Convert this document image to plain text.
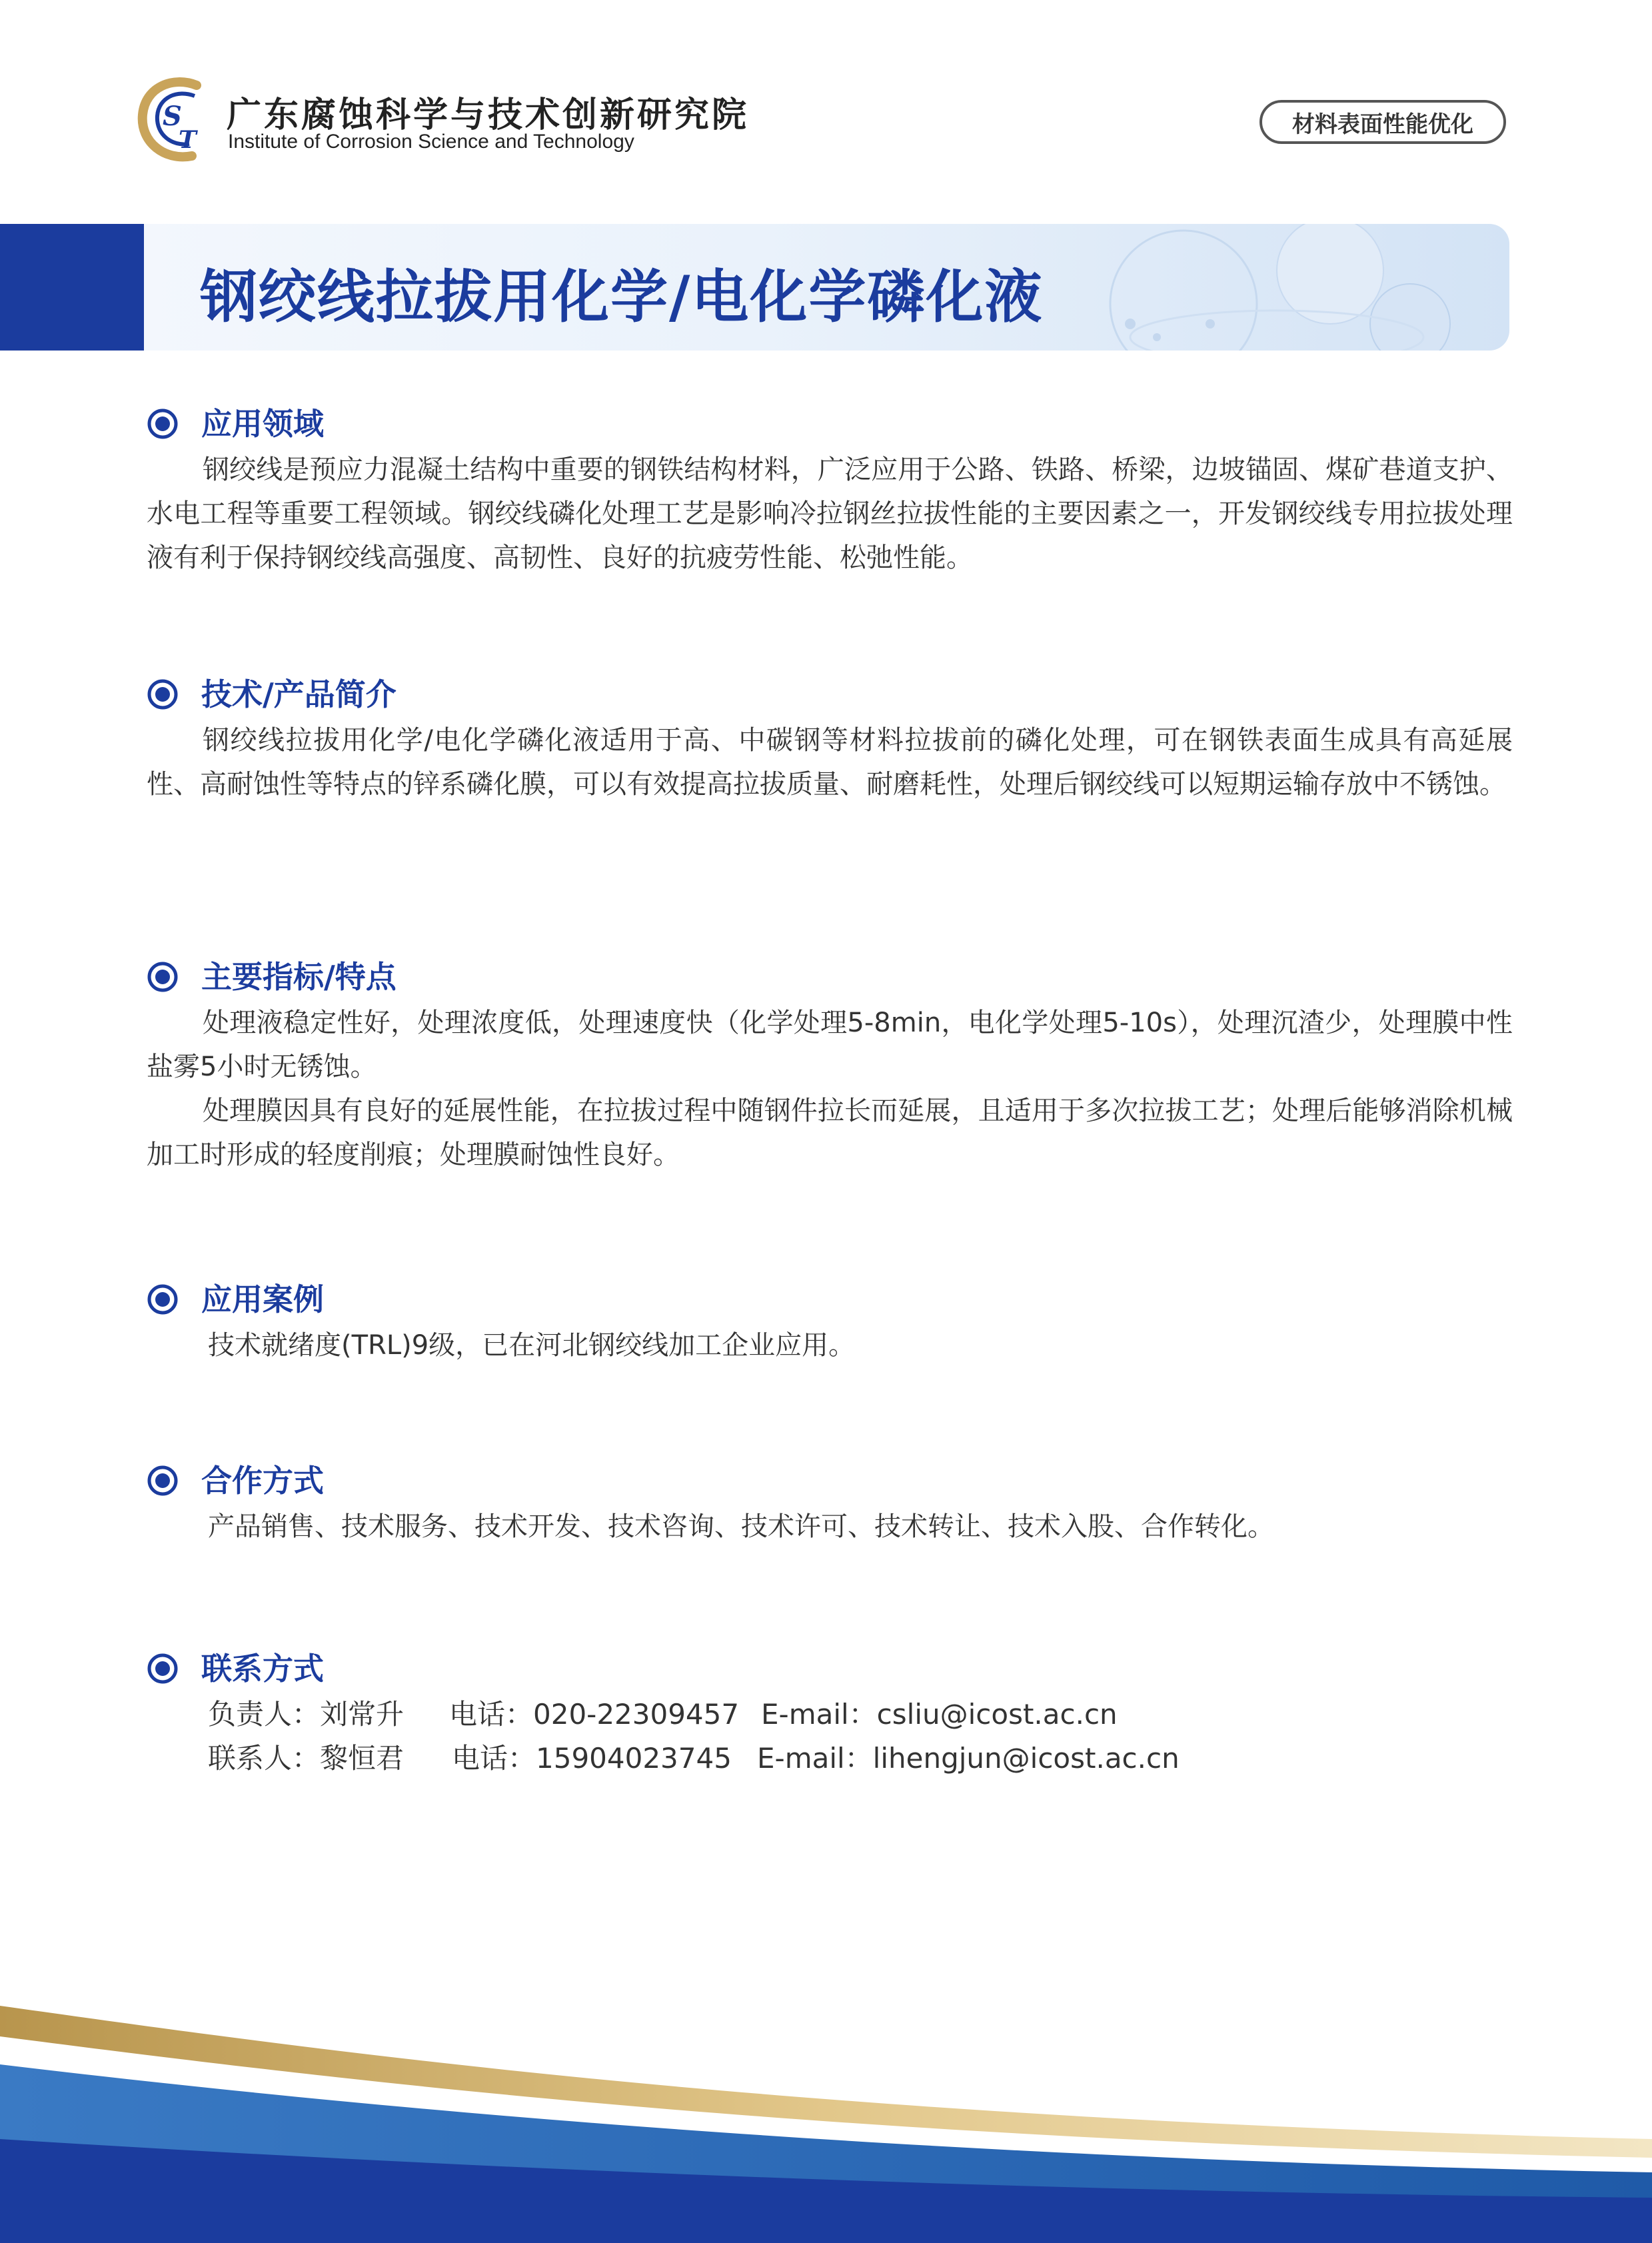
S
T
广东腐蚀科学与技术创新研究院
Institute of Corrosion Science and Technology
材料表面性能优化
钢绞线拉拔用化学/电化学磷化液
应用领域

钢绞线是预应力混凝土结构中重要的钢铁结构材料，广泛应用于公路、铁路、桥梁，边坡锚固、煤矿巷道支护、水电工程等重要工程领域。钢绞线磷化处理工艺是影响冷拉钢丝拉拔性能的主要因素之一，开发钢绞线专用拉拔处理液有利于保持钢绞线高强度、高韧性、良好的抗疲劳性能、松弛性能。

技术/产品简介

钢绞线拉拔用化学/电化学磷化液适用于高、中碳钢等材料拉拔前的磷化处理，可在钢铁表面生成具有高延展性、高耐蚀性等特点的锌系磷化膜，可以有效提高拉拔质量、耐磨耗性，处理后钢绞线可以短期运输存放中不锈蚀。

主要指标/特点

处理液稳定性好，处理浓度低，处理速度快（化学处理5-8min，电化学处理5-10s），处理沉渣少，处理膜中性盐雾5小时无锈蚀。

处理膜因具有良好的延展性能，在拉拔过程中随钢件拉长而延展，且适用于多次拉拔工艺；处理后能够消除机械加工时形成的轻度削痕；处理膜耐蚀性良好。

应用案例
技术就绪度(TRL)9级，已在河北钢绞线加工企业应用。
合作方式
产品销售、技术服务、技术开发、技术咨询、技术许可、技术转让、技术入股、合作转化。
联系方式
负责人：刘常升 电话：020-22309457 E-mail：csliu@icost.ac.cn
联系人：黎恒君 电话：15904023745 E-mail：lihengjun@icost.ac.cn
